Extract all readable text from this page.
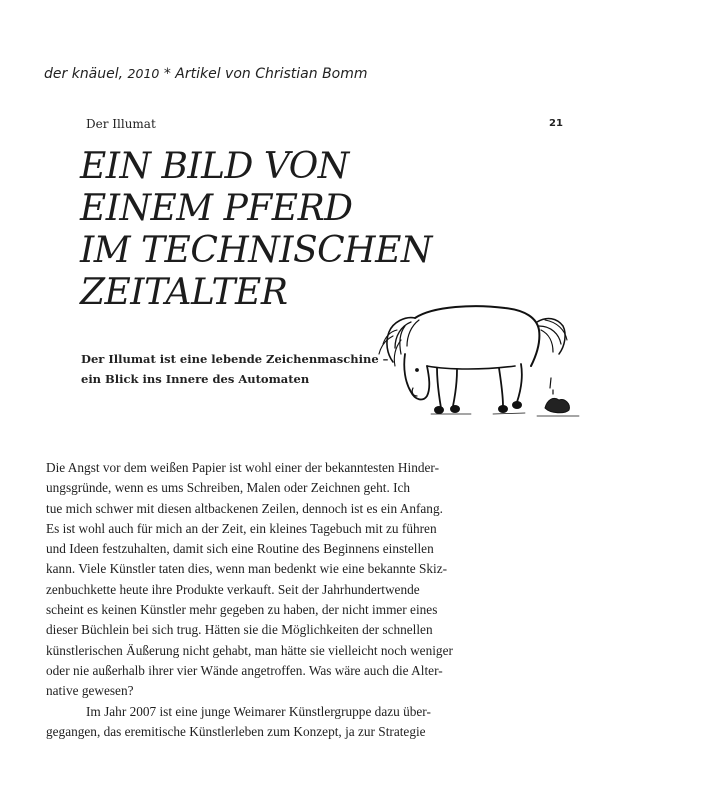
der knäuel, 2010 * Artikel von Christian Bomm
Der Illumat	21
EIN BILD VON
EINEM PFERD
IM TECHNISCHEN
ZEITALTER
Der Illumat ist eine lebende Zeichenmaschine –
ein Blick ins Innere des Automaten
Die Angst vor dem weißen Papier ist wohl einer der bekanntesten Hinder-
ungsgründe, wenn es ums Schreiben, Malen oder Zeichnen geht. Ich
tue mich schwer mit diesen altbackenen Zeilen, dennoch ist es ein Anfang.
Es ist wohl auch für mich an der Zeit, ein kleines Tagebuch mit zu führen
und Ideen festzuhalten, damit sich eine Routine des Beginnens einstellen
kann. Viele Künstler taten dies, wenn man bedenkt wie eine bekannte Skiz-
zenbuchkette heute ihre Produkte verkauft. Seit der Jahrhundertwende
scheint es keinen Künstler mehr gegeben zu haben, der nicht immer eines
dieser Büchlein bei sich trug. Hätten sie die Möglichkeiten der schnellen
künstlerischen Äußerung nicht gehabt, man hätte sie vielleicht noch weniger
oder nie außerhalb ihrer vier Wände angetroffen. Was wäre auch die Alter-
native gewesen?
Im Jahr 2007 ist eine junge Weimarer Künstlergruppe dazu über-
gegangen, das eremitische Künstlerleben zum Konzept, ja zur Strategie
